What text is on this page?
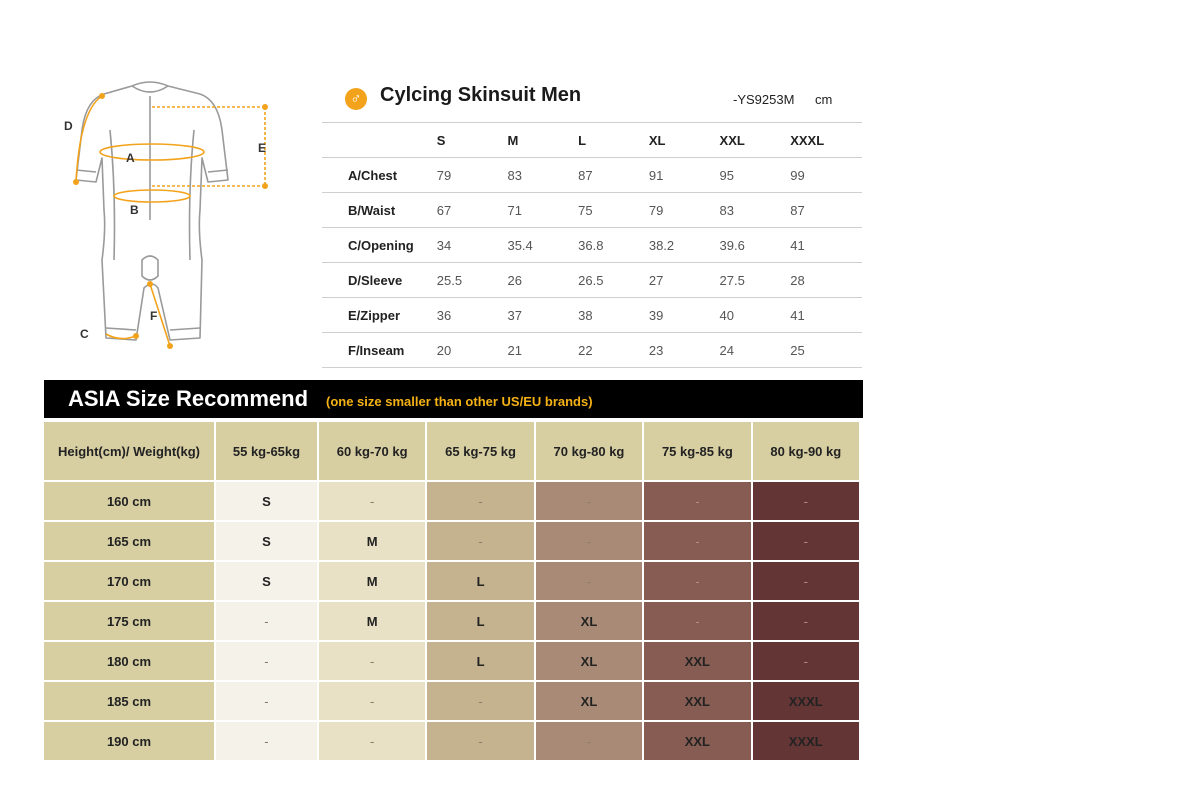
A
B
C
D
E
F
♂ Cylcing Skinsuit Men	-YS9253M cm
	S	M	L	XL	XXL	XXXL
A/Chest	79	83	87	91	95	99
B/Waist	67	71	75	79	83	87
C/Opening	34	35.4	36.8	38.2	39.6	41
D/Sleeve	25.5	26	26.5	27	27.5	28
E/Zipper	36	37	38	39	40	41
F/Inseam	20	21	22	23	24	25
ASIA Size Recommend (one size smaller than other US/EU brands)
Height(cm)/ Weight(kg)	55 kg-65kg	60 kg-70 kg	65 kg-75 kg	70 kg-80 kg	75 kg-85 kg	80 kg-90 kg
160 cm	S	-	-	-	-	-
165 cm	S	M	-	-	-	-
170 cm	S	M	L	-	-	-
175 cm	-	M	L	XL	-	-
180 cm	-	-	L	XL	XXL	-
185 cm	-	-	-	XL	XXL	XXXL
190 cm	-	-	-	-	XXL	XXXL
